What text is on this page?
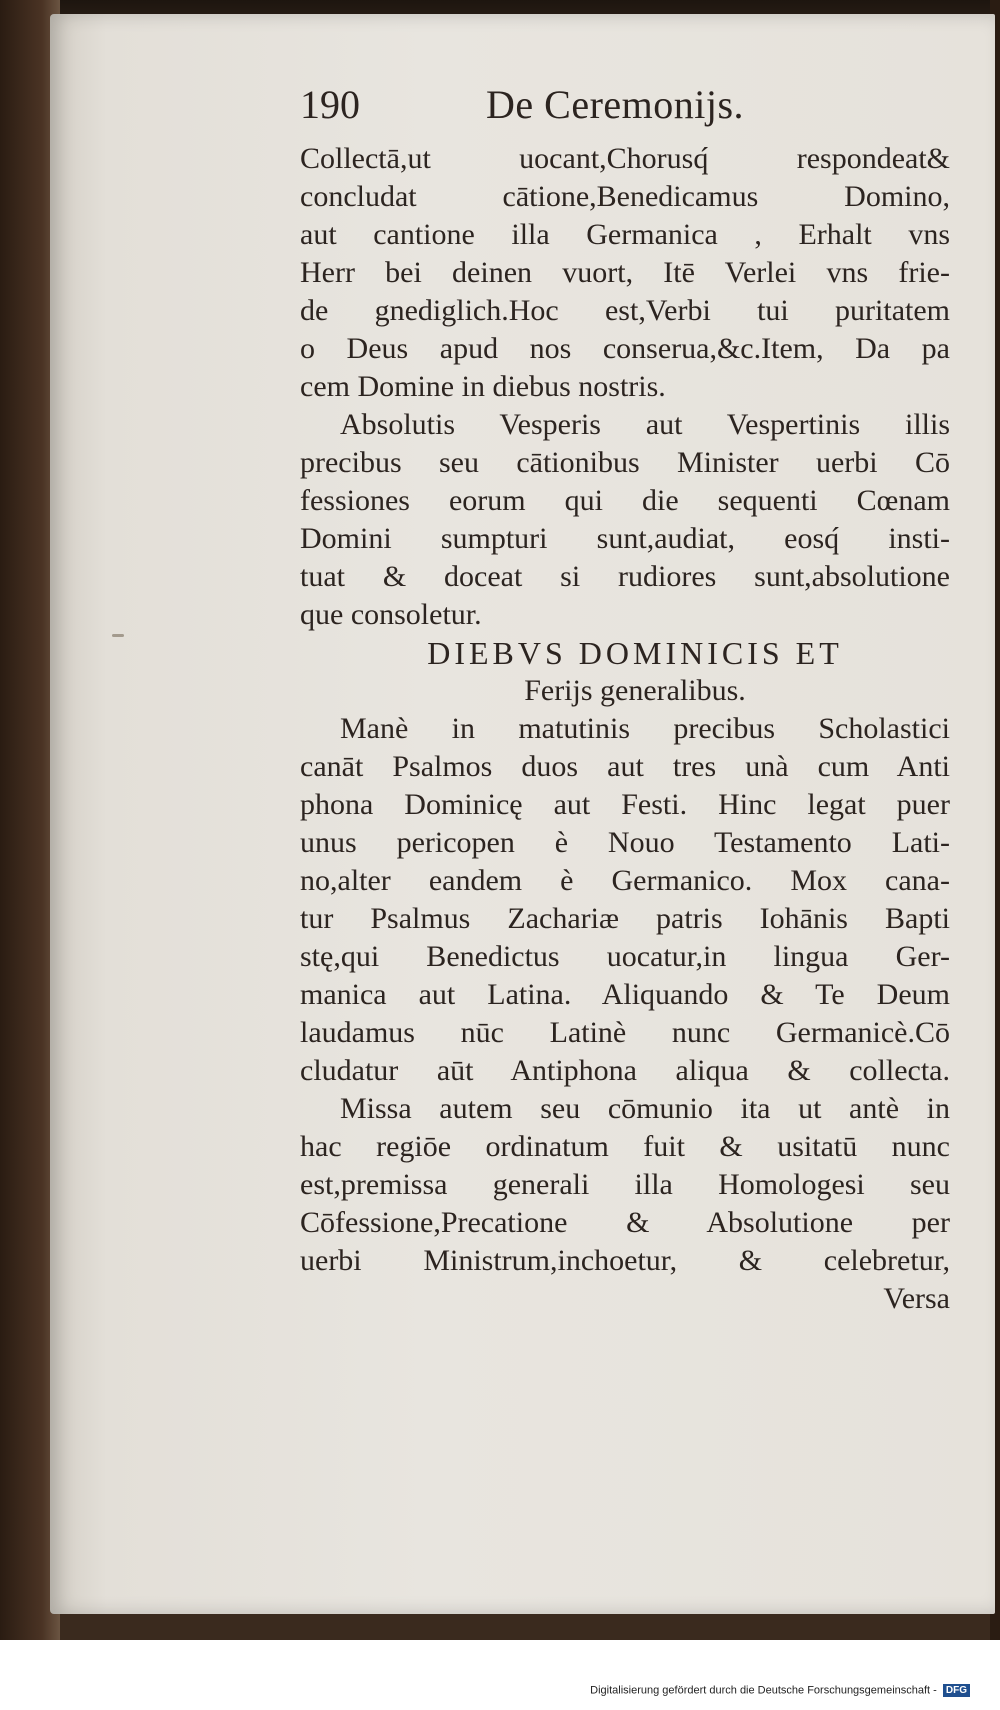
190	De Ceremonijs.
Collectā,ut uocant,Chorusq́ respondeat&
concludat cātione,Benedicamus Domino,
aut cantione illa Germanica , Erhalt vns
Herr bei deinen vuort, Itē Verlei vns frie-
de gnediglich.Hoc est,Verbi tui puritatem
o Deus apud nos conserua,&c.Item, Da pa
cem Domine in diebus nostris.
Absolutis Vesperis aut Vespertinis illis
precibus seu cātionibus Minister uerbi Cō
fessiones eorum qui die sequenti Cœnam
Domini sumpturi sunt,audiat, eosq́ insti-
tuat & doceat si rudiores sunt,absolutione
que consoletur.
DIEBVS DOMINICIS ET
Ferijs generalibus.
Manè in matutinis precibus Scholastici
canāt Psalmos duos aut tres unà cum Anti
phona Dominicę aut Festi. Hinc legat puer
unus pericopen è Nouo Testamento Lati-
no,alter eandem è Germanico. Mox cana-
tur Psalmus Zachariæ patris Iohānis Bapti
stę,qui Benedictus uocatur,in lingua Ger-
manica aut Latina. Aliquando & Te Deum
laudamus nūc Latinè nunc Germanicè.Cō
cludatur aūt Antiphona aliqua & collecta.
Missa autem seu cōmunio ita ut antè in
hac regiōe ordinatum fuit & usitatū nunc
est,premissa generali illa Homologesi seu
Cōfessione,Precatione & Absolutione per
uerbi Ministrum,inchoetur, & celebretur,
Versa
Digitalisierung gefördert durch die Deutsche Forschungsgemeinschaft - DFG
